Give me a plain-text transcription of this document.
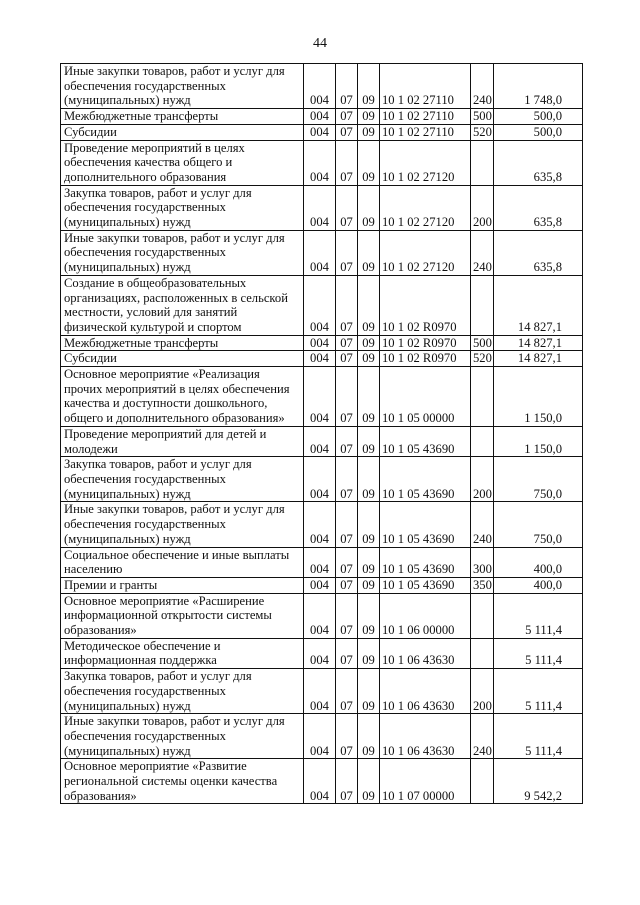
44
Иные закупки товаров, работ и услуг для обеспечения государственных (муниципальных) нужд	004	07	09	10 1 02 27110	240	1 748,0
Межбюджетные трансферты	004	07	09	10 1 02 27110	500	500,0
Субсидии	004	07	09	10 1 02 27110	520	500,0
Проведение мероприятий в целях обеспечения качества общего и дополнительного образования	004	07	09	10 1 02 27120		635,8
Закупка товаров, работ и услуг для обеспечения государственных (муниципальных) нужд	004	07	09	10 1 02 27120	200	635,8
Иные закупки товаров, работ и услуг для обеспечения государственных (муниципальных) нужд	004	07	09	10 1 02 27120	240	635,8
Создание в общеобразовательных организациях, расположенных в сельской местности, условий для занятий физической культурой и спортом	004	07	09	10 1 02 R0970		14 827,1
Межбюджетные трансферты	004	07	09	10 1 02 R0970	500	14 827,1
Субсидии	004	07	09	10 1 02 R0970	520	14 827,1
Основное мероприятие «Реализация прочих мероприятий в целях обеспечения качества и доступности дошкольного, общего и дополнительного образования»	004	07	09	10 1 05 00000		1 150,0
Проведение мероприятий для детей и молодежи	004	07	09	10 1 05 43690		1 150,0
Закупка товаров, работ и услуг для обеспечения государственных (муниципальных) нужд	004	07	09	10 1 05 43690	200	750,0
Иные закупки товаров, работ и услуг для обеспечения государственных (муниципальных) нужд	004	07	09	10 1 05 43690	240	750,0
Социальное обеспечение и иные выплаты населению	004	07	09	10 1 05 43690	300	400,0
Премии и гранты	004	07	09	10 1 05 43690	350	400,0
Основное мероприятие «Расширение информационной открытости системы образования»	004	07	09	10 1 06 00000		5 111,4
Методическое обеспечение и информационная поддержка	004	07	09	10 1 06 43630		5 111,4
Закупка товаров, работ и услуг для обеспечения государственных (муниципальных) нужд	004	07	09	10 1 06 43630	200	5 111,4
Иные закупки товаров, работ и услуг для обеспечения государственных (муниципальных) нужд	004	07	09	10 1 06 43630	240	5 111,4
Основное мероприятие «Развитие региональной системы оценки качества образования»	004	07	09	10 1 07 00000		9 542,2
